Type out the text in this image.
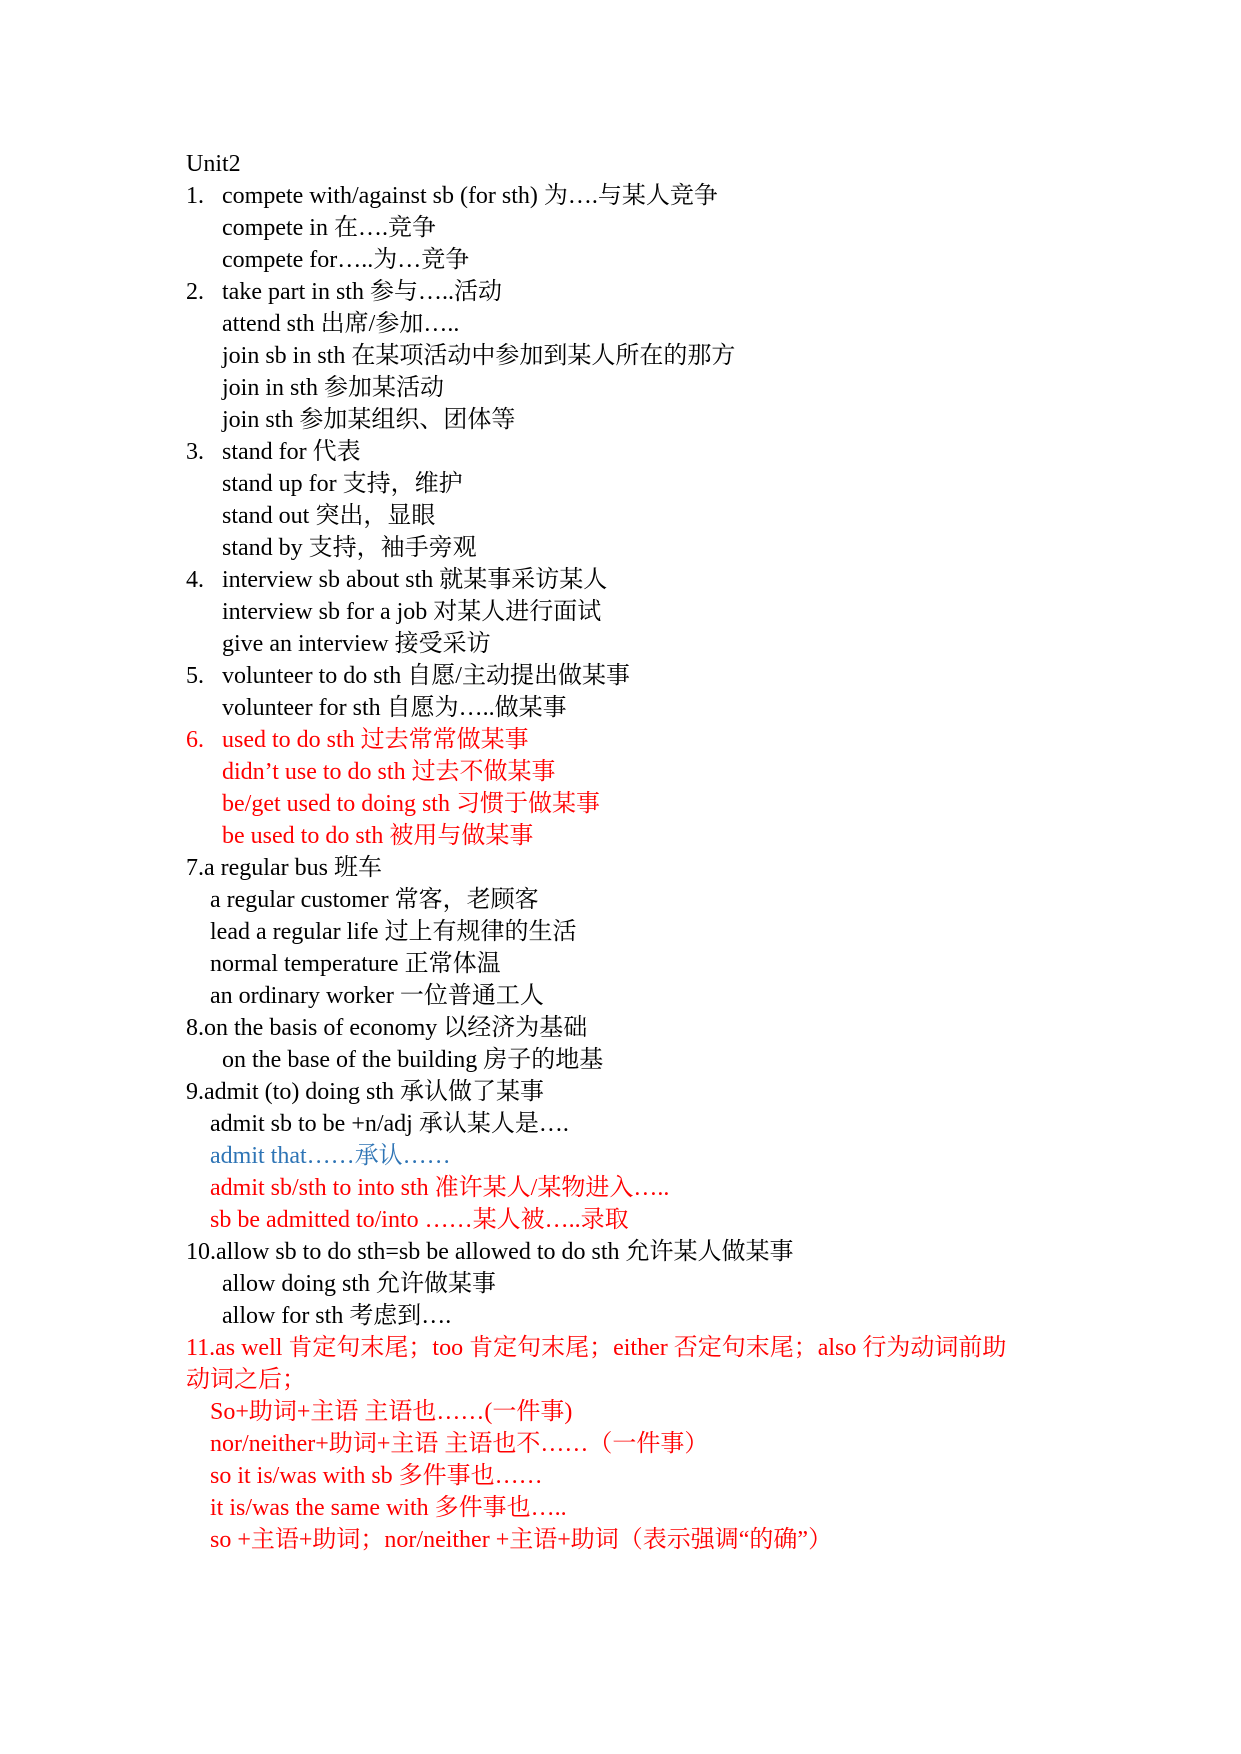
Unit2
1.   compete with/against sb (for sth) 为….与某人竞争
compete in 在….竞争
compete for…..为…竞争
2.   take part in sth 参与…..活动
attend sth 出席/参加…..
join sb in sth 在某项活动中参加到某人所在的那方
join in sth 参加某活动
join sth 参加某组织、团体等
3.   stand for 代表
stand up for 支持，维护
stand out 突出，显眼
stand by 支持，袖手旁观
4.   interview sb about sth 就某事采访某人
interview sb for a job 对某人进行面试
give an interview 接受采访
5.   volunteer to do sth 自愿/主动提出做某事
volunteer for sth 自愿为…..做某事
6.   used to do sth 过去常常做某事
didn’t use to do sth 过去不做某事
be/get used to doing sth 习惯于做某事
be used to do sth 被用与做某事
7.a regular bus 班车
a regular customer 常客，老顾客
lead a regular life 过上有规律的生活
normal temperature 正常体温
an ordinary worker 一位普通工人
8.on the basis of economy 以经济为基础
on the base of the building 房子的地基
9.admit (to) doing sth 承认做了某事
admit sb to be +n/adj 承认某人是….
admit that……承认……
admit sb/sth to into sth 准许某人/某物进入…..
sb be admitted to/into ……某人被…..录取
10.allow sb to do sth=sb be allowed to do sth 允许某人做某事
allow doing sth 允许做某事
allow for sth 考虑到….
11.as well 肯定句末尾；too 肯定句末尾；either 否定句末尾；also 行为动词前助
动词之后；
So+助词+主语 主语也……(一件事)
nor/neither+助词+主语 主语也不……（一件事）
so it is/was with sb 多件事也……
it is/was the same with 多件事也…..
so +主语+助词；nor/neither +主语+助词（表示强调“的确”）
